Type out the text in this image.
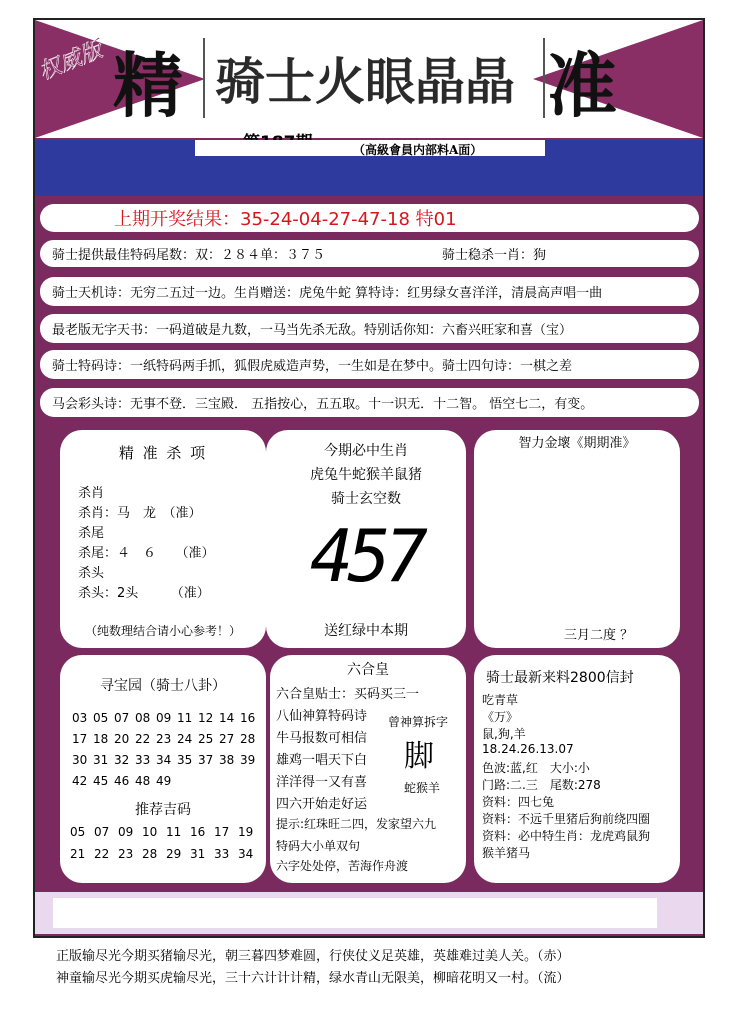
权威版 精	准
骑士火眼晶晶
（高級會員内部料A面）
上期开奖结果： 35-24-04-27-47-18 特01
骑士提供最佳特码尾数：双：２８４单：３７５	骑士稳杀一肖：狗
骑士天机诗：无穷二五过一边。生肖赠送：虎兔牛蛇 算特诗：红男绿女喜洋洋，清晨高声唱一曲
最老版无字天书：一码道破是九数，一马当先杀无敌。特别话你知：六畜兴旺家和喜（宝）
骑士特码诗：一纸特码两手抓，狐假虎威造声势，一生如是在梦中。骑士四句诗：一棋之差
马会彩头诗：无事不登．三宝殿． 五指按心，五五取。十一识无．十二智。 悟空七二，有变。
精 准 杀 项
杀肖
杀肖：马　龙　（准）
杀尾
杀尾：４　６　　（准）
杀头
杀头：2头　　　（准）
（纯数理结合请小心参考！）
今期必中生肖
虎兔牛蛇猴羊鼠猪
骑士玄空数
457
送红绿中本期
智力金壞《期期准》
三月二度 ？
寻宝园（骑士八卦）
03 05 07 08 09 11 12 14 16
17 18 20 22 23 24 25 27 28
30 31 32 33 34 35 37 38 39
42 45 46 48 49
推荐吉码
05 07 09 10 11 16 17 19
21 22 23 28 29 31 33 34
六合皇
六合皇贴士：买码买三一
八仙神算特码诗
牛马报数可相信
雄鸡一唱天下白
洋洋得一又有喜
四六开始走好运
提示:红珠旺二四，发家望六九
特码大小单双句
六字处处停，苦海作舟渡
曾神算拆字
脚
蛇猴羊
骑士最新来料2800信封
吃青草
《万》
鼠,狗,羊
18.24.26.13.07
色波:蓝,红　大小:小
门路:二.三　尾数:278
资料：四七兔
资料：不远千里猪后狗前绕四圈
资料：必中特生肖：龙虎鸡鼠狗
猴羊猪马
正版输尽光今期买猪输尽光，朝三暮四梦难圆，行侠仗义足英雄，英雄难过美人关。（赤）
神童输尽光今期买虎输尽光，三十六计计计精，绿水青山无限美，柳暗花明又一村。（流）
